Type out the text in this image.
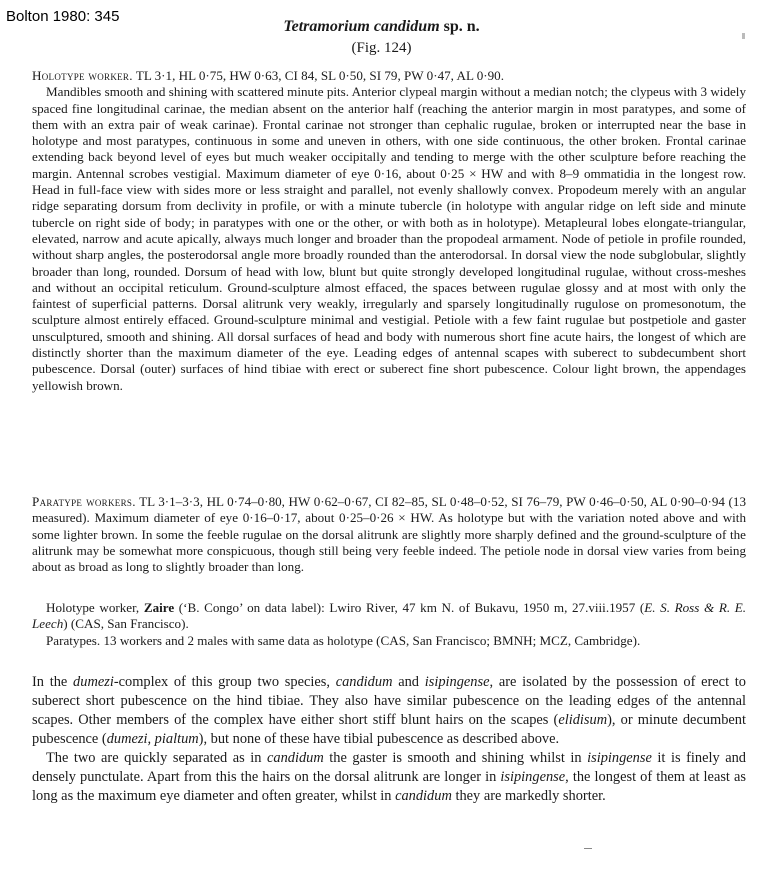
Bolton 1980: 345
Tetramorium candidum sp. n.
(Fig. 124)

Holotype worker. TL 3·1, HL 0·75, HW 0·63, CI 84, SL 0·50, SI 79, PW 0·47, AL 0·90.

Mandibles smooth and shining with scattered minute pits. Anterior clypeal margin without a median notch; the clypeus with 3 widely spaced fine longitudinal carinae, the median absent on the anterior half (reaching the anterior margin in most paratypes, and some of them with an extra pair of weak carinae). Frontal carinae not stronger than cephalic rugulae, broken or interrupted near the base in holotype and most paratypes, continuous in some and uneven in others, with one side continuous, the other broken. Frontal carinae extending back beyond level of eyes but much weaker occipitally and tending to merge with the other sculpture before reaching the margin. Antennal scrobes vestigial. Maximum diameter of eye 0·16, about 0·25 × HW and with 8–9 ommatidia in the longest row. Head in full-face view with sides more or less straight and parallel, not evenly shallowly convex. Propodeum merely with an angular ridge separating dorsum from declivity in profile, or with a minute tubercle (in holotype with angular ridge on left side and minute tubercle on right side of body; in paratypes with one or the other, or with both as in holotype). Metapleural lobes elongate-triangular, elevated, narrow and acute apically, always much longer and broader than the propodeal armament. Node of petiole in profile rounded, without sharp angles, the posterodorsal angle more broadly rounded than the anterodorsal. In dorsal view the node subglobular, slightly broader than long, rounded. Dorsum of head with low, blunt but quite strongly developed longitudinal rugulae, without cross-meshes and without an occipital reticulum. Ground-sculpture almost effaced, the spaces between rugulae glossy and at most with only the faintest of superficial patterns. Dorsal alitrunk very weakly, irregularly and sparsely longitudinally rugulose on promesonotum, the sculpture almost entirely effaced. Ground-sculpture minimal and vestigial. Petiole with a few faint rugulae but postpetiole and gaster unsculptured, smooth and shining. All dorsal surfaces of head and body with numerous short fine acute hairs, the longest of which are distinctly shorter than the maximum diameter of the eye. Leading edges of antennal scapes with suberect to subdecumbent short pubescence. Dorsal (outer) surfaces of hind tibiae with erect or suberect fine short pubescence. Colour light brown, the appendages yellowish brown.

Paratype workers. TL 3·1–3·3, HL 0·74–0·80, HW 0·62–0·67, CI 82–85, SL 0·48–0·52, SI 76–79, PW 0·46–0·50, AL 0·90–0·94 (13 measured). Maximum diameter of eye 0·16–0·17, about 0·25–0·26 × HW. As holotype but with the variation noted above and with some lighter brown. In some the feeble rugulae on the dorsal alitrunk are slightly more sharply defined and the ground-sculpture of the alitrunk may be somewhat more conspicuous, though still being very feeble indeed. The petiole node in dorsal view varies from being about as broad as long to slightly broader than long.

Holotype worker, Zaire (‘B. Congo’ on data label): Lwiro River, 47 km N. of Bukavu, 1950 m, 27.viii.1957 (E. S. Ross & R. E. Leech) (CAS, San Francisco).

Paratypes. 13 workers and 2 males with same data as holotype (CAS, San Francisco; BMNH; MCZ, Cambridge).

In the dumezi-complex of this group two species, candidum and isipingense, are isolated by the possession of erect to suberect short pubescence on the hind tibiae. They also have similar pubescence on the leading edges of the antennal scapes. Other members of the complex have either short stiff blunt hairs on the scapes (elidisum), or minute decumbent pubescence (dumezi, pialtum), but none of these have tibial pubescence as described above.

The two are quickly separated as in candidum the gaster is smooth and shining whilst in isipingense it is finely and densely punctulate. Apart from this the hairs on the dorsal alitrunk are longer in isipingense, the longest of them at least as long as the maximum eye diameter and often greater, whilst in candidum they are markedly shorter.
